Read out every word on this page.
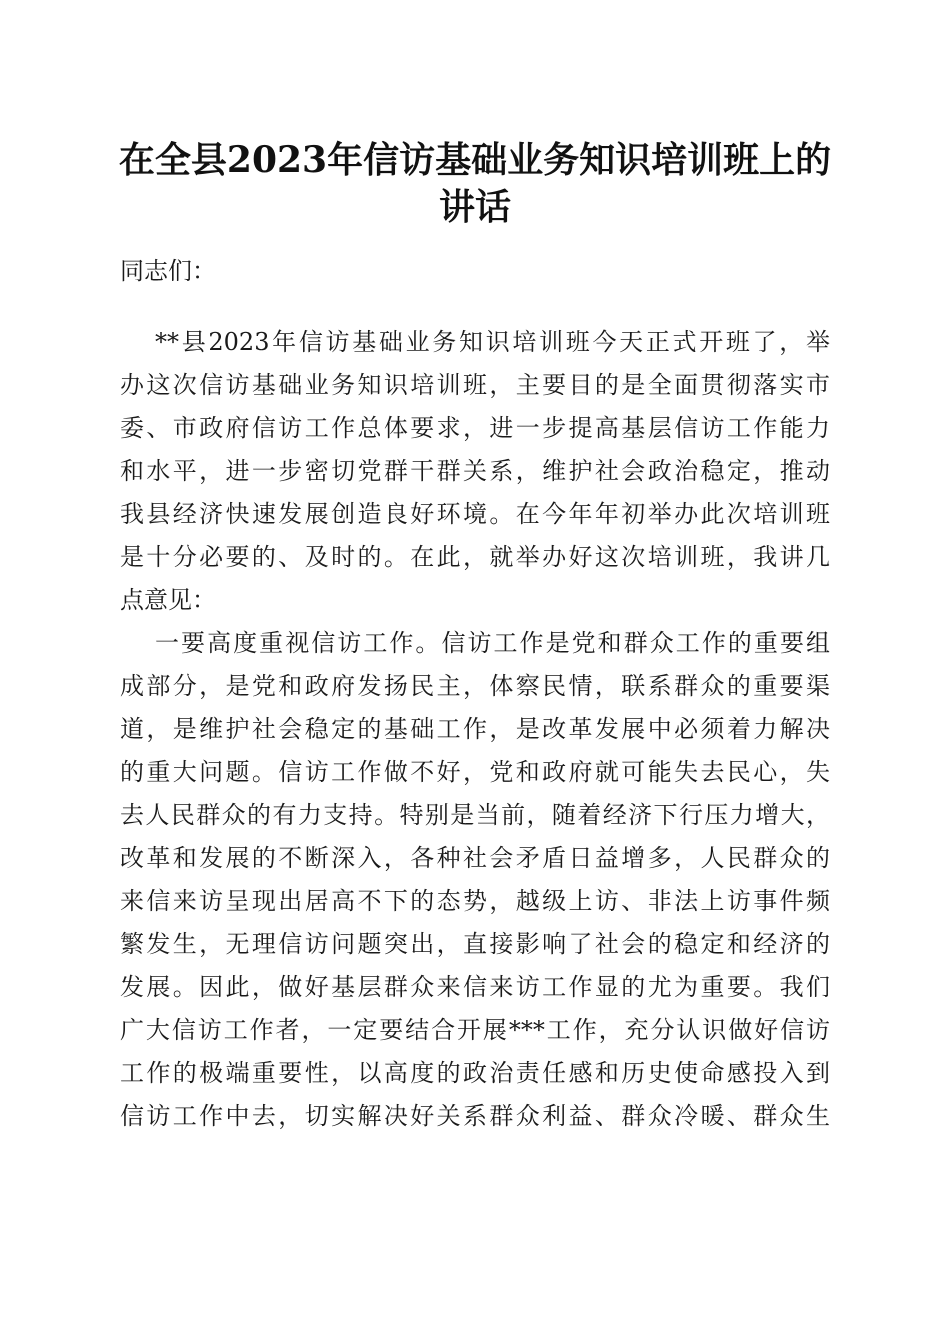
在全县2023年信访基础业务知识培训班上的
讲话

同志们：

**县2023年信访基础业务知识培训班今天正式开班了，举

办这次信访基础业务知识培训班，主要目的是全面贯彻落实市

委、市政府信访工作总体要求，进一步提高基层信访工作能力

和水平，进一步密切党群干群关系，维护社会政治稳定，推动

我县经济快速发展创造良好环境。在今年年初举办此次培训班

是十分必要的、及时的。在此，就举办好这次培训班，我讲几

点意见：

一要高度重视信访工作。信访工作是党和群众工作的重要组

成部分，是党和政府发扬民主，体察民情，联系群众的重要渠

道，是维护社会稳定的基础工作，是改革发展中必须着力解决

的重大问题。信访工作做不好，党和政府就可能失去民心，失

去人民群众的有力支持。特别是当前，随着经济下行压力增大，

改革和发展的不断深入，各种社会矛盾日益增多，人民群众的

来信来访呈现出居高不下的态势，越级上访、非法上访事件频

繁发生，无理信访问题突出，直接影响了社会的稳定和经济的

发展。因此，做好基层群众来信来访工作显的尤为重要。我们

广大信访工作者，一定要结合开展***工作，充分认识做好信访

工作的极端重要性，以高度的政治责任感和历史使命感投入到

信访工作中去，切实解决好关系群众利益、群众冷暖、群众生
